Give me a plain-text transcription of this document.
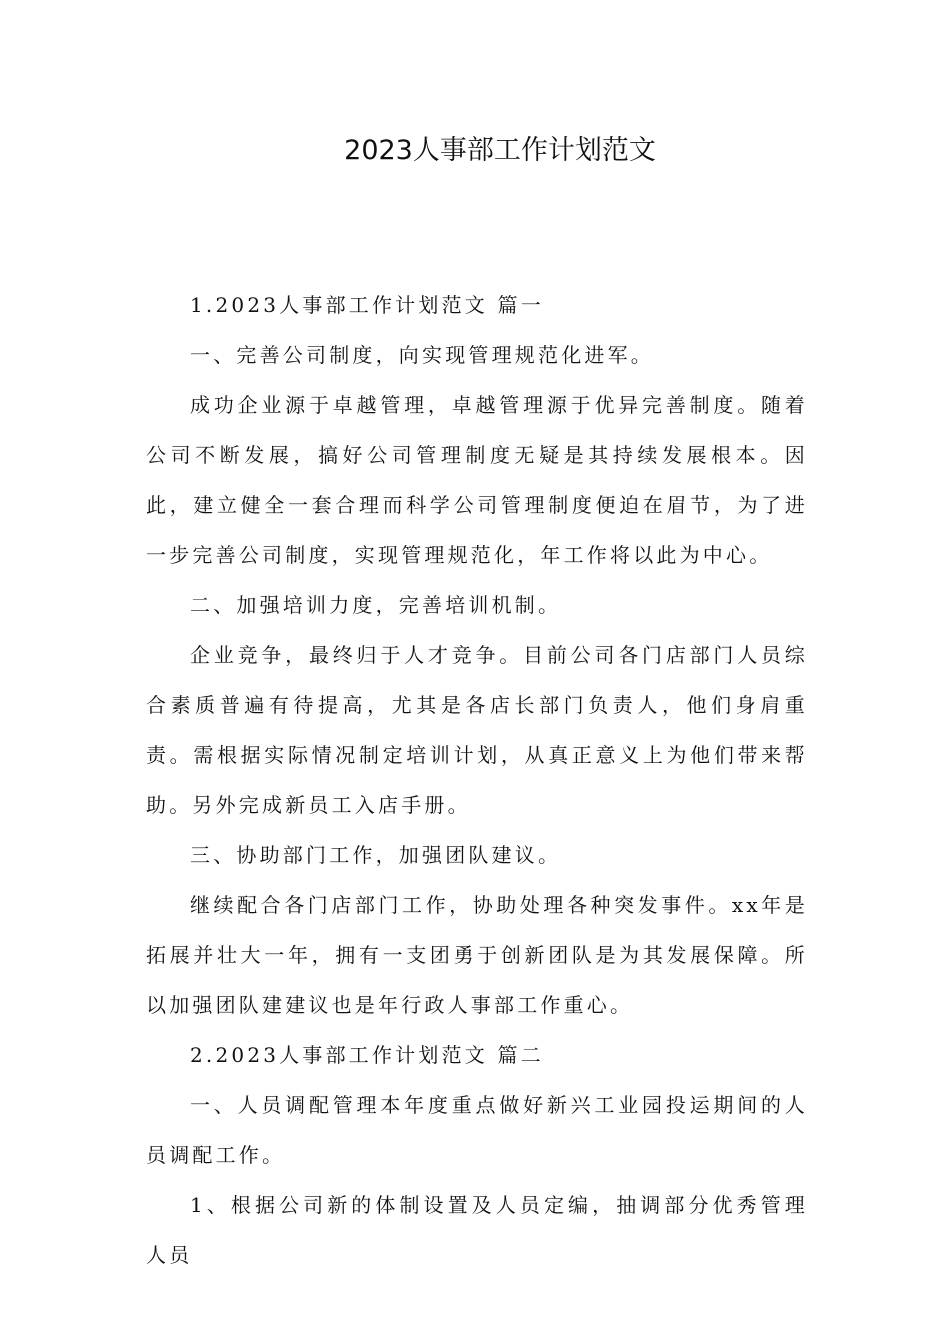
2023人事部工作计划范文

1.2023人事部工作计划范文 篇一

一、完善公司制度，向实现管理规范化进军。

成功企业源于卓越管理，卓越管理源于优异完善制度。随着公司不断发展，搞好公司管理制度无疑是其持续发展根本。因此，建立健全一套合理而科学公司管理制度便迫在眉节，为了进一步完善公司制度，实现管理规范化，年工作将以此为中心。

二、加强培训力度，完善培训机制。

企业竞争，最终归于人才竞争。目前公司各门店部门人员综合素质普遍有待提高，尤其是各店长部门负责人，他们身肩重责。需根据实际情况制定培训计划，从真正意义上为他们带来帮助。另外完成新员工入店手册。

三、协助部门工作，加强团队建议。

继续配合各门店部门工作，协助处理各种突发事件。xx年是拓展并壮大一年，拥有一支团勇于创新团队是为其发展保障。所以加强团队建建议也是年行政人事部工作重心。

2.2023人事部工作计划范文 篇二

一、人员调配管理本年度重点做好新兴工业园投运期间的人员调配工作。

1、根据公司新的体制设置及人员定编，抽调部分优秀管理人员
